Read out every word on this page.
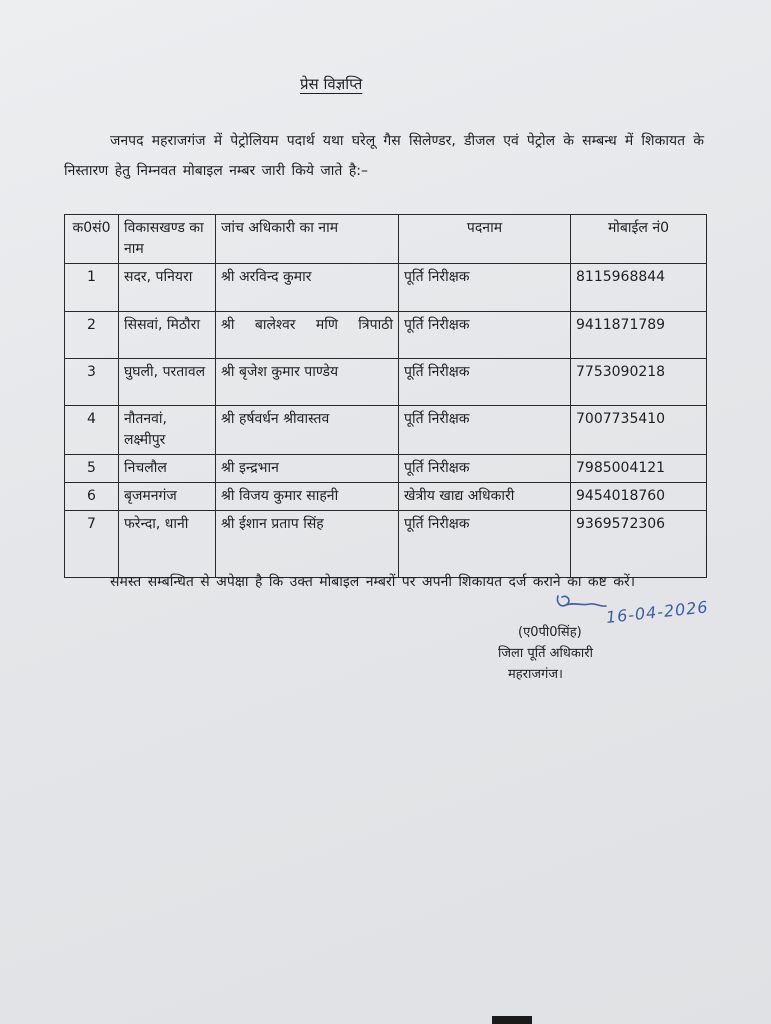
प्रेस विज्ञप्ति

जनपद महराजगंज में पेट्रोलियम पदार्थ यथा घरेलू गैस सिलेण्डर, डीजल एवं पेट्रोल के सम्बन्ध में शिकायत के निस्तारण हेतु निम्नवत मोबाइल नम्बर जारी किये जाते है:–

क0सं0	विकासखण्ड का नाम	जांच अधिकारी का नाम	पदनाम	मोबाईल नं0
1	सदर, पनियरा	श्री अरविन्द कुमार	पूर्ति निरीक्षक	8115968844
2	सिसवां, मिठौरा	श्री बालेश्वर मणि त्रिपाठी	पूर्ति निरीक्षक	9411871789
3	घुघली, परतावल	श्री बृजेश कुमार पाण्डेय	पूर्ति निरीक्षक	7753090218
4	नौतनवां, लक्ष्मीपुर	श्री हर्षवर्धन श्रीवास्तव	पूर्ति निरीक्षक	7007735410
5	निचलौल	श्री इन्द्रभान	पूर्ति निरीक्षक	7985004121
6	बृजमनगंज	श्री विजय कुमार साहनी	खेत्रीय खाद्य अधिकारी	9454018760
7	फरेन्दा, धानी	श्री ईशान प्रताप सिंह	पूर्ति निरीक्षक	9369572306

समस्त सम्बन्धित से अपेक्षा है कि उक्त मोबाइल नम्बरों पर अपनी शिकायत दर्ज कराने का कष्ट करें।

16-04-2026
(ए0पी0सिंह)
जिला पूर्ति अधिकारी
महराजगंज।
